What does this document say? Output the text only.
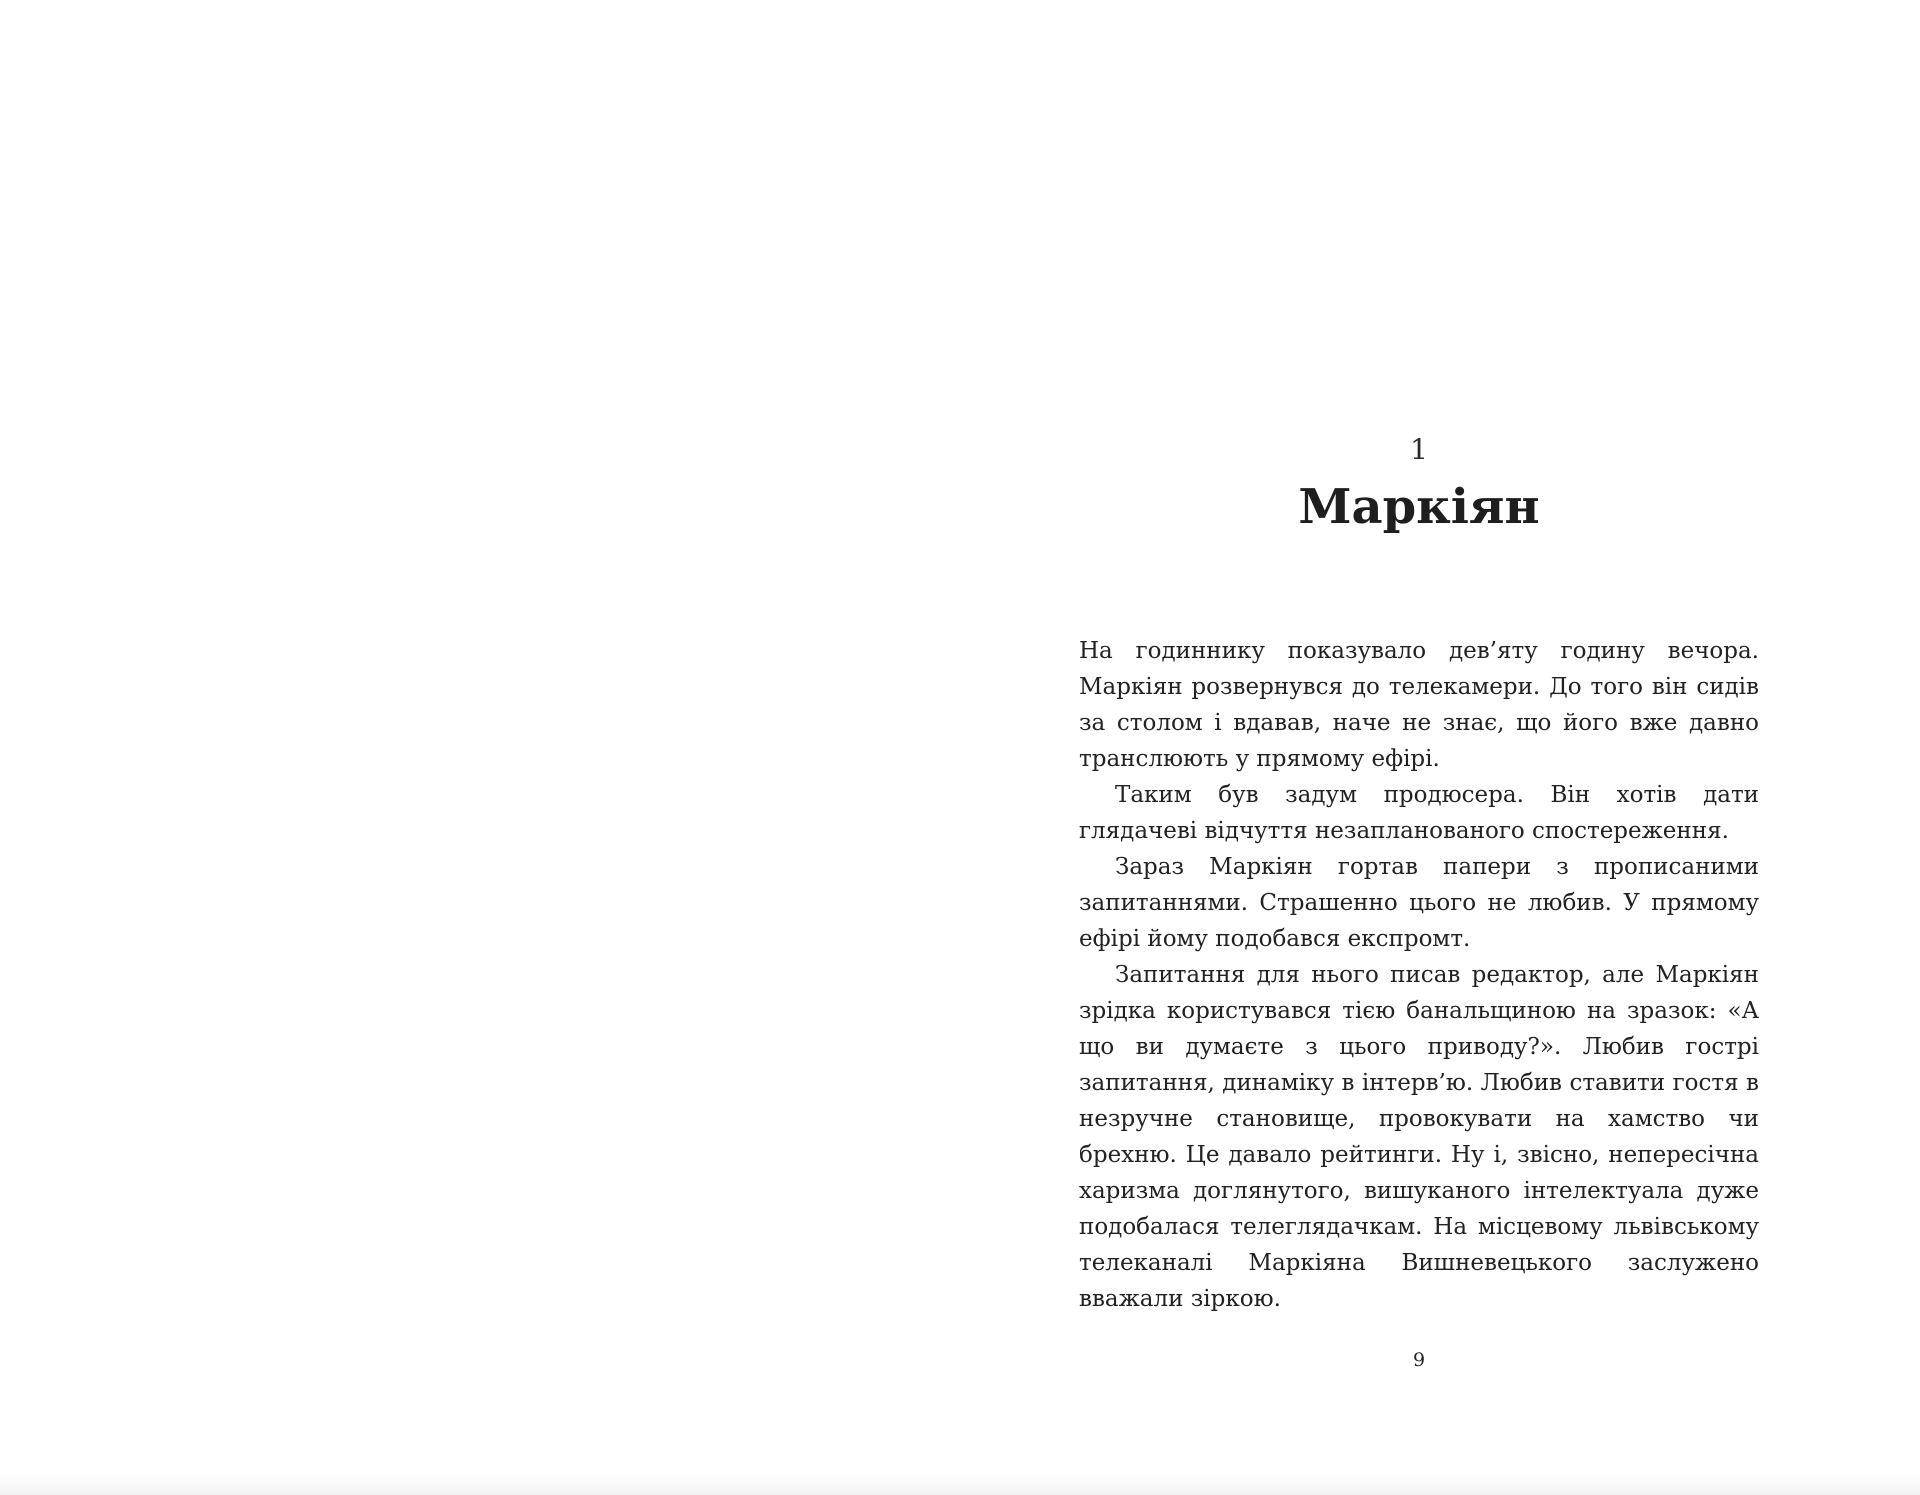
1
Маркіян

На годиннику показувало дев’яту годину вечора. Маркіян розвернувся до телекамери. До того він сидів за столом і вдавав, наче не знає, що його вже давно транслюють у прямому ефірі.

Таким був задум продюсера. Він хотів дати глядачеві відчуття незапланованого спостереження.

Зараз Маркіян гортав папери з прописаними запитаннями. Страшенно цього не любив. У прямому ефірі йому подобався експромт.

Запитання для нього писав редактор, але Маркіян зрідка користувався тією банальщиною на зразок: «А що ви думаєте з цього приводу?». Любив гострі запитання, динаміку в інтерв’ю. Любив ставити гостя в незручне становище, провокувати на хамство чи брехню. Це давало рейтинги. Ну і, звісно, непересічна харизма доглянутого, вишуканого інтелектуала дуже подобалася телеглядачкам. На місцевому львівському телеканалі Маркіяна Вишневецького заслужено вважали зіркою.

9
